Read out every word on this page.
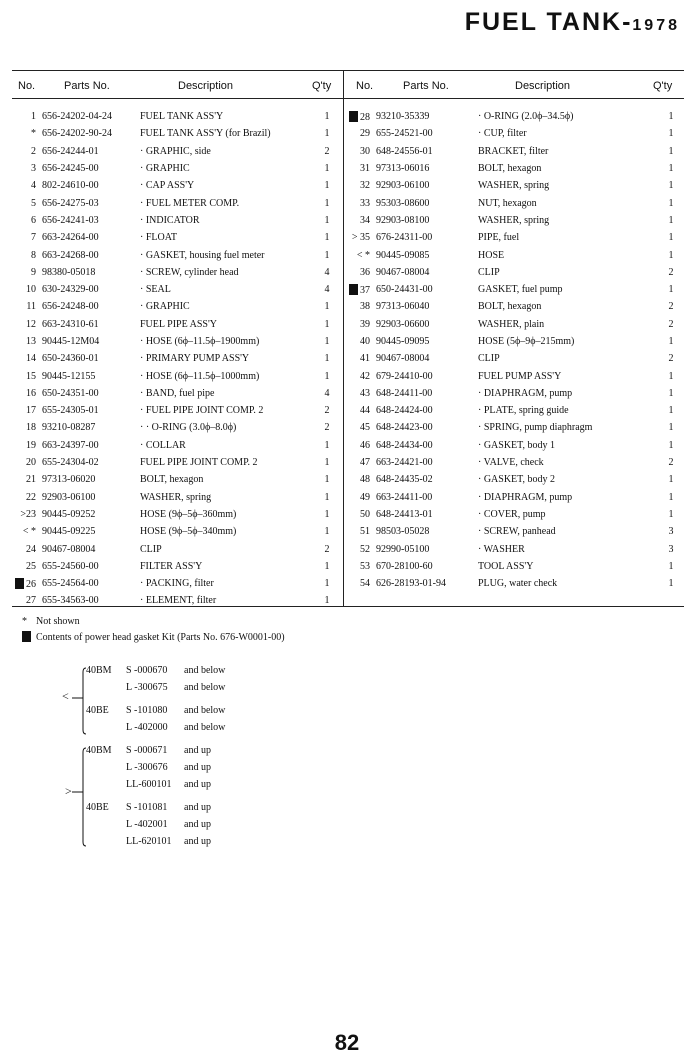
FUEL TANK-1978
No.	Parts No.	Description	Q'ty No.	Parts No.	Description	Q'ty
1	656-24202-04-24	FUEL TANK ASS'Y	1
*	656-24202-90-24	FUEL TANK ASS'Y (for Brazil)	1
2	656-24244-01	· GRAPHIC, side	2
3	656-24245-00	· GRAPHIC	1
4	802-24610-00	· CAP ASS'Y	1
5	656-24275-03	· FUEL METER COMP.	1
6	656-24241-03	· INDICATOR	1
7	663-24264-00	· FLOAT	1
8	663-24268-00	· GASKET, housing fuel meter	1
9	98380-05018	· SCREW, cylinder head	4
10	630-24329-00	· SEAL	4
11	656-24248-00	· GRAPHIC	1
12	663-24310-61	FUEL PIPE ASS'Y	1
13	90445-12M04	· HOSE (6ϕ–11.5ϕ–1900mm)	1
14	650-24360-01	· PRIMARY PUMP ASS'Y	1
15	90445-12155	· HOSE (6ϕ–11.5ϕ–1000mm)	1
16	650-24351-00	· BAND, fuel pipe	4
17	655-24305-01	· FUEL PIPE JOINT COMP. 2	2
18	93210-08287	· · O-RING (3.0ϕ–8.0ϕ)	2
19	663-24397-00	· COLLAR	1
20	655-24304-02	FUEL PIPE JOINT COMP. 2	1
21	97313-06020	BOLT, hexagon	1
22	92903-06100	WASHER, spring	1
>23	90445-09252	HOSE (9ϕ–5ϕ–360mm)	1
< *	90445-09225	HOSE (9ϕ–5ϕ–340mm)	1
24	90467-08004	CLIP	2
25	655-24560-00	FILTER ASS'Y	1
26	655-24564-00	· PACKING, filter	1
27	655-34563-00	· ELEMENT, filter	1
28	93210-35339	· O-RING (2.0ϕ–34.5ϕ)	1
29	655-24521-00	· CUP, filter	1
30	648-24556-01	BRACKET, filter	1
31	97313-06016	BOLT, hexagon	1
32	92903-06100	WASHER, spring	1
33	95303-08600	NUT, hexagon	1
34	92903-08100	WASHER, spring	1
> 35	676-24311-00	PIPE, fuel	1
< *	90445-09085	HOSE	1
36	90467-08004	CLIP	2
37	650-24431-00	GASKET, fuel pump	1
38	97313-06040	BOLT, hexagon	2
39	92903-06600	WASHER, plain	2
40	90445-09095	HOSE (5ϕ–9ϕ–215mm)	1
41	90467-08004	CLIP	2
42	679-24410-00	FUEL PUMP ASS'Y	1
43	648-24411-00	· DIAPHRAGM, pump	1
44	648-24424-00	· PLATE, spring guide	1
45	648-24423-00	· SPRING, pump diaphragm	1
46	648-24434-00	· GASKET, body 1	1
47	663-24421-00	· VALVE, check	2
48	648-24435-02	· GASKET, body 2	1
49	663-24411-00	· DIAPHRAGM, pump	1
50	648-24413-01	· COVER, pump	1
51	98503-05028	· SCREW, panhead	3
52	92990-05100	· WASHER	3
53	670-28100-60	TOOL ASS'Y	1
54	626-28193-01-94	PLUG, water check	1
* Not shown
Contents of power head gasket Kit (Parts No. 676-W0001-00)
<
>
40BM S -000670 and below
L -300675 and below
40BE S -101080 and below
L -402000 and below
40BM S -000671 and up
L -300676 and up
LL-600101 and up
40BE S -101081 and up
L -402001 and up
LL-620101 and up
82
